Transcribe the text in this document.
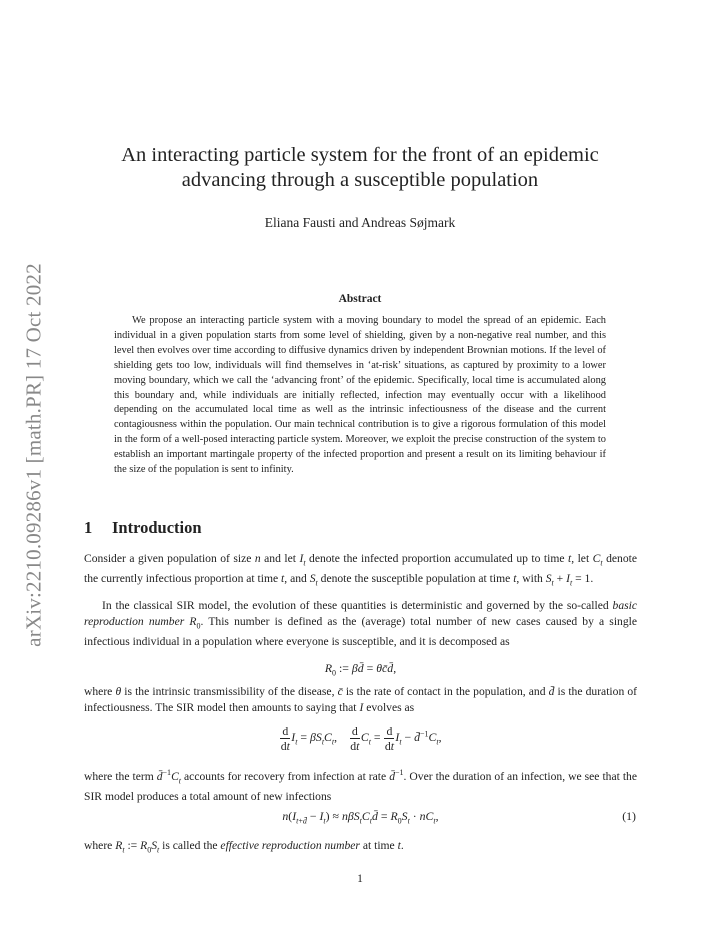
arXiv:2210.09286v1 [math.PR] 17 Oct 2022
An interacting particle system for the front of an epidemic
advancing through a susceptible population
Eliana Fausti and Andreas Søjmark
Abstract
We propose an interacting particle system with a moving boundary to model the spread of an epidemic. Each individual in a given population starts from some level of shielding, given by a non-negative real number, and this level then evolves over time according to diffusive dynamics driven by independent Brownian motions. If the level of shielding gets too low, individuals will find themselves in ‘at-risk’ situations, as captured by proximity to a lower moving boundary, which we call the ‘advancing front’ of the epidemic. Specifically, local time is accumulated along this boundary and, while individuals are initially reflected, infection may eventually occur with a likelihood depending on the accumulated local time as well as the intrinsic infectiousness of the disease and the current contagiousness within the population. Our main technical contribution is to give a rigorous formulation of this model in the form of a well-posed interacting particle system. Moreover, we exploit the precise construction of the system to establish an important martingale property of the infected proportion and present a result on its limiting behaviour if the size of the population is sent to infinity.
1 Introduction
Consider a given population of size n and let $I_t$ denote the infected proportion accumulated up to time t, let $C_t$ denote the currently infectious proportion at time t, and $S_t$ denote the susceptible population at time t, with $S_t + I_t = 1$.
In the classical SIR model, the evolution of these quantities is deterministic and governed by the so-called basic reproduction number $R_0$. This number is defined as the (average) total number of new cases caused by a single infectious individual in a population where everyone is susceptible, and it is decomposed as
$R_0$ := βd̄ = θc̄d̄,
where θ is the intrinsic transmissibility of the disease, c̄ is the rate of contact in the population, and d̄ is the duration of infectiousness. The SIR model then amounts to saying that I evolves as
$\frac{d}{dt} I_t = \beta S_tC_t$, $\frac{d}{dt} C_t = \frac{d}{dt} I_t$ − $d̄^{-1}C_t$,
where the term $d̄^{-1}C_t$ accounts for recovery from infection at rate d̄$^{-1}$. Over the duration of an infection, we see that the SIR model produces a total amount of new infections
$n(I_{t+d̄} - I_t)$ ≈ $n\beta S_tC_td̄ = R_0S_t \cdot nC_t$,	(1)
where $R_t$ := $R_0S_t$ is called the effective reproduction number at time t.
1
